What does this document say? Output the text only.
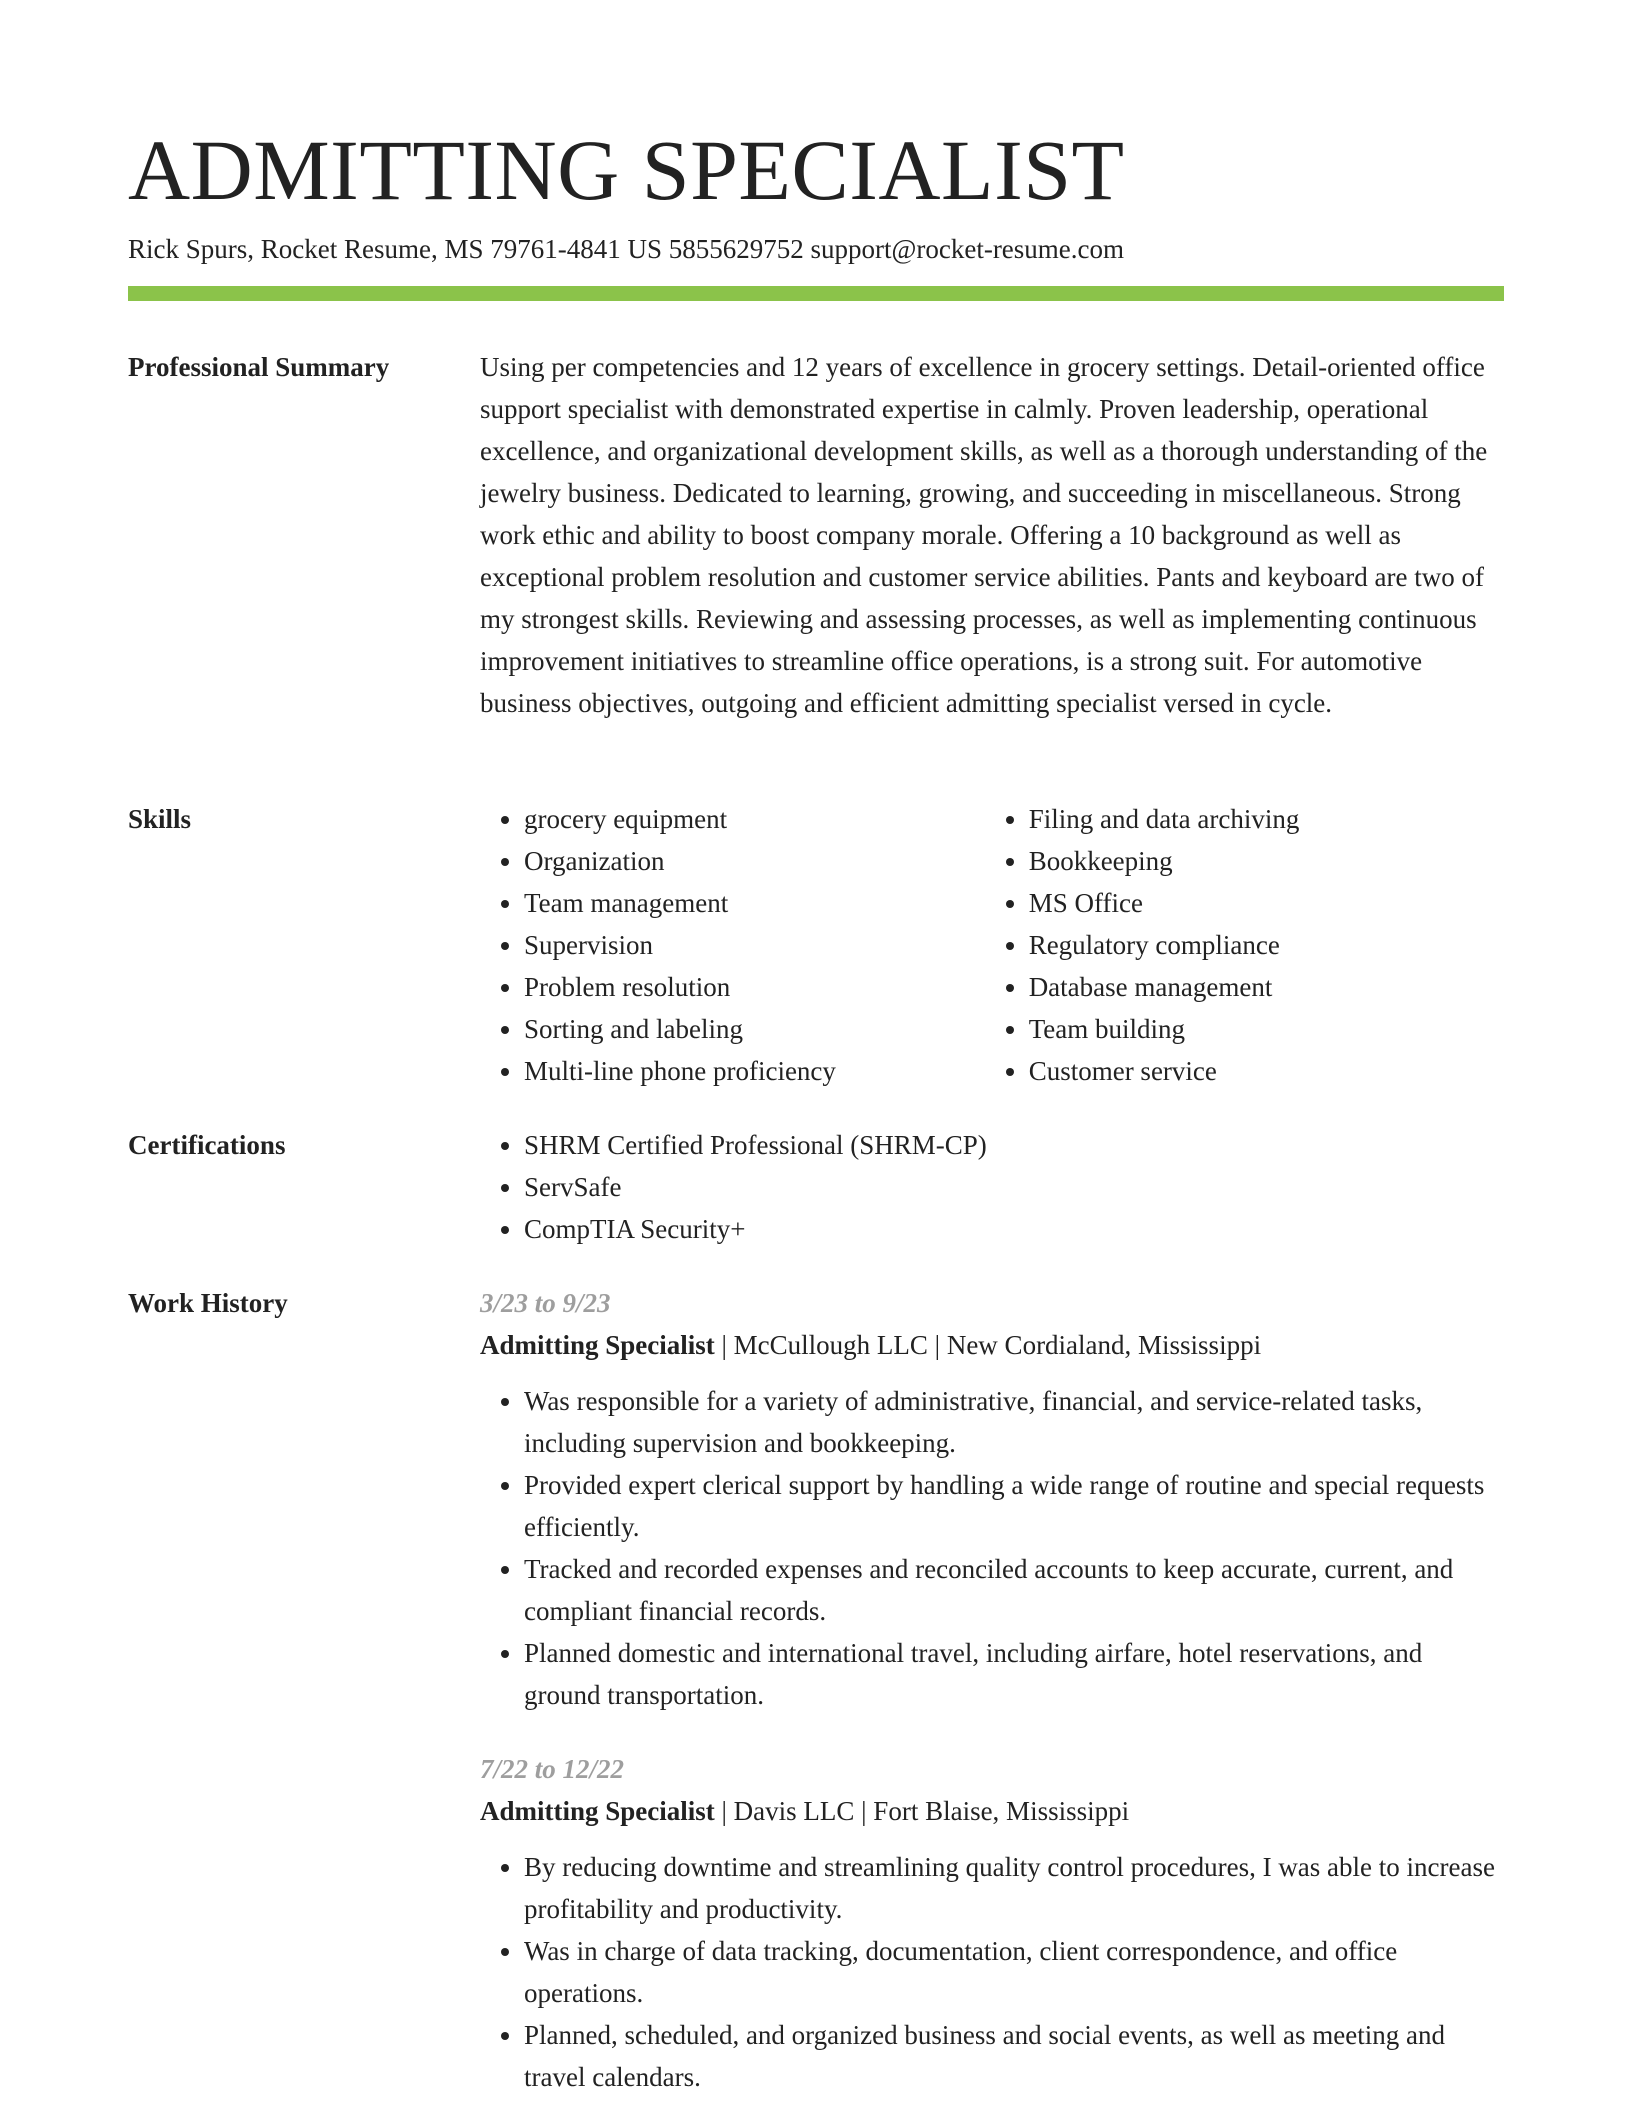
ADMITTING SPECIALIST
Rick Spurs, Rocket Resume, MS 79761-4841 US 5855629752 support@rocket-resume.com
Professional Summary	Using per competencies and 12 years of excellence in grocery settings. Detail-oriented office support specialist with demonstrated expertise in calmly. Proven leadership, operational excellence, and organizational development skills, as well as a thorough understanding of the jewelry business. Dedicated to learning, growing, and succeeding in miscellaneous. Strong work ethic and ability to boost company morale. Offering a 10 background as well as exceptional problem resolution and customer service abilities. Pants and keyboard are two of my strongest skills. Reviewing and assessing processes, as well as implementing continuous improvement initiatives to streamline office operations, is a strong suit. For automotive business objectives, outgoing and efficient admitting specialist versed in cycle.

Skills	• grocery equipment
• Organization
• Team management
• Supervision
• Problem resolution
• Sorting and labeling
• Multi-line phone proficiency
• Filing and data archiving
• Bookkeeping
• MS Office
• Regulatory compliance
• Database management
• Team building
• Customer service
Certifications	• SHRM Certified Professional (SHRM-CP)
• ServSafe
• CompTIA Security+
Work History	3/23 to 9/23
Admitting Specialist | McCullough LLC | New Cordialand, Mississippi
• Was responsible for a variety of administrative, financial, and service-related tasks, including supervision and bookkeeping.
• Provided expert clerical support by handling a wide range of routine and special requests efficiently.
• Tracked and recorded expenses and reconciled accounts to keep accurate, current, and compliant financial records.
• Planned domestic and international travel, including airfare, hotel reservations, and ground transportation.
7/22 to 12/22
Admitting Specialist | Davis LLC | Fort Blaise, Mississippi
• By reducing downtime and streamlining quality control procedures, I was able to increase profitability and productivity.
• Was in charge of data tracking, documentation, client correspondence, and office operations.
• Planned, scheduled, and organized business and social events, as well as meeting and travel calendars.
